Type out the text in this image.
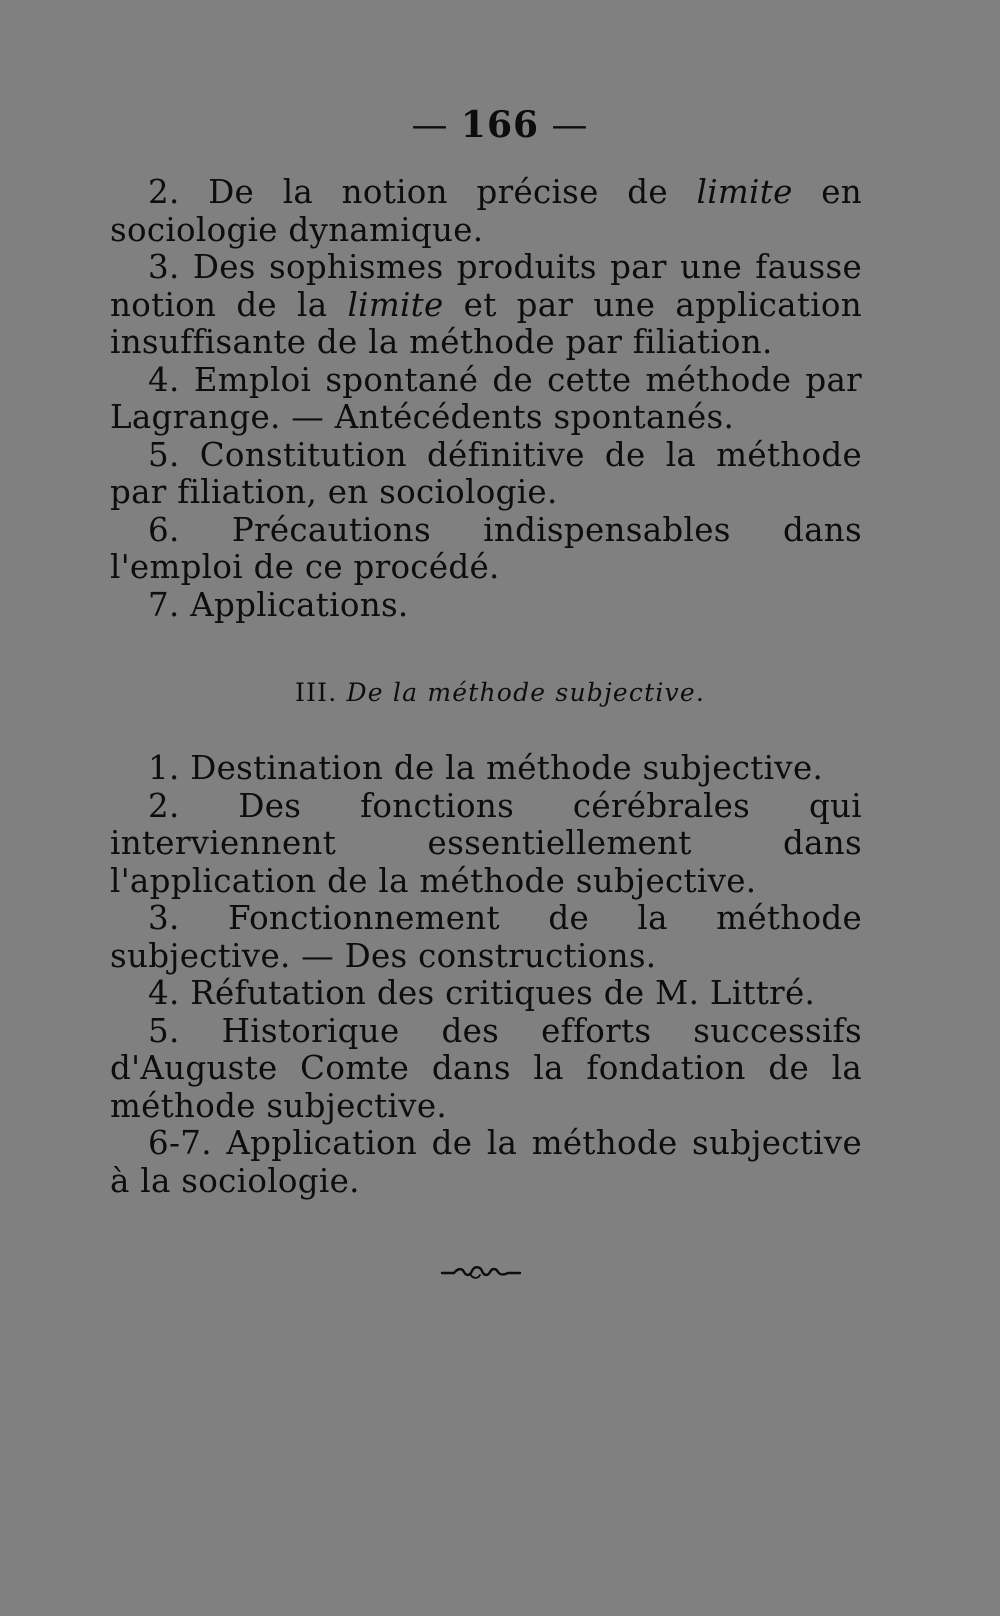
— 166 —

2. De la notion précise de limite en sociologie dynamique.

3. Des sophismes produits par une fausse notion de la limite et par une application insuffisante de la méthode par filiation.

4. Emploi spontané de cette méthode par Lagrange. — Antécédents spontanés.

5. Constitution définitive de la méthode par filiation, en sociologie.

6. Précautions indispensables dans l'emploi de ce procédé.

7. Applications.

III. De la méthode subjective.

1. Destination de la méthode subjective.

2. Des fonctions cérébrales qui interviennent essentiellement dans l'application de la méthode subjective.

3. Fonctionnement de la méthode subjective. — Des constructions.

4. Réfutation des critiques de M. Littré.

5. Historique des efforts successifs d'Auguste Comte dans la fondation de la méthode subjective.

6-7. Application de la méthode subjective à la sociologie.
